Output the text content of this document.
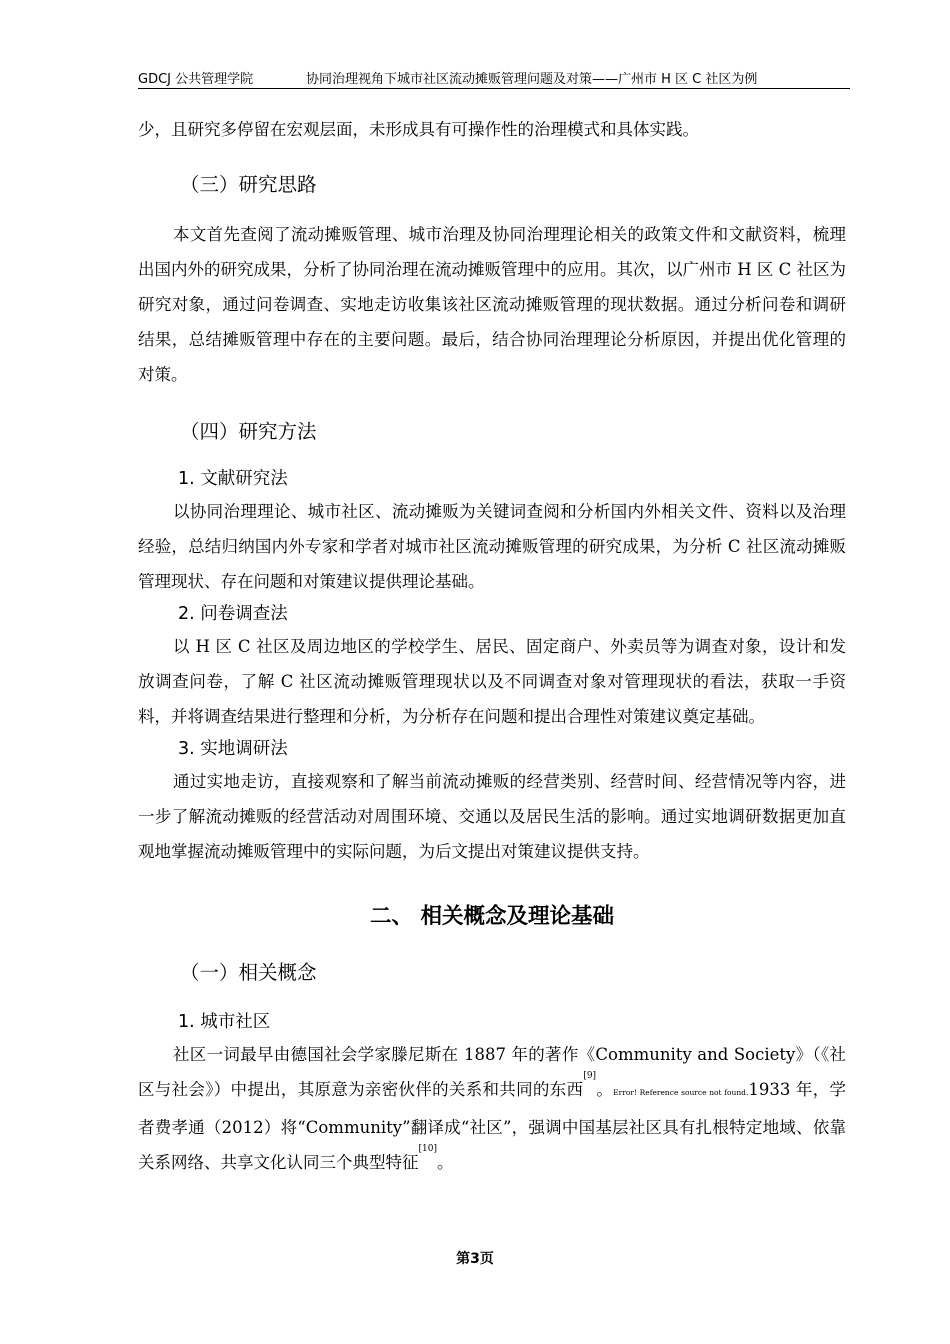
GDCJ 公共管理学院	协同治理视角下城市社区流动摊贩管理问题及对策——广州市 H 区 C 社区为例

少，且研究多停留在宏观层面，未形成具有可操作性的治理模式和具体实践。

（三）研究思路

本文首先查阅了流动摊贩管理、城市治理及协同治理理论相关的政策文件和文献资料，梳理出国内外的研究成果，分析了协同治理在流动摊贩管理中的应用。其次，以广州市 H 区 C 社区为研究对象，通过问卷调查、实地走访收集该社区流动摊贩管理的现状数据。通过分析问卷和调研结果，总结摊贩管理中存在的主要问题。最后，结合协同治理理论分析原因，并提出优化管理的对策。

（四）研究方法
1. 文献研究法

以协同治理理论、城市社区、流动摊贩为关键词查阅和分析国内外相关文件、资料以及治理经验，总结归纳国内外专家和学者对城市社区流动摊贩管理的研究成果，为分析 C 社区流动摊贩管理现状、存在问题和对策建议提供理论基础。

2. 问卷调查法

以 H 区 C 社区及周边地区的学校学生、居民、固定商户、外卖员等为调查对象，设计和发放调查问卷，了解 C 社区流动摊贩管理现状以及不同调查对象对管理现状的看法，获取一手资料，并将调查结果进行整理和分析，为分析存在问题和提出合理性对策建议奠定基础。

3. 实地调研法

通过实地走访，直接观察和了解当前流动摊贩的经营类别、经营时间、经营情况等内容，进一步了解流动摊贩的经营活动对周围环境、交通以及居民生活的影响。通过实地调研数据更加直观地掌握流动摊贩管理中的实际问题，为后文提出对策建议提供支持。

二、 相关概念及理论基础
（一）相关概念
1. 城市社区

社区一词最早由德国社会学家滕尼斯在 1887 年的著作《Community and Society》（《社区与社会》）中提出，其原意为亲密伙伴的关系和共同的东西[9]。Error! Reference source not found.1933 年，学者费孝通（2012）将“Community”翻译成“社区”，强调中国基层社区具有扎根特定地域、依靠关系网络、共享文化认同三个典型特征[10]。

第3页
